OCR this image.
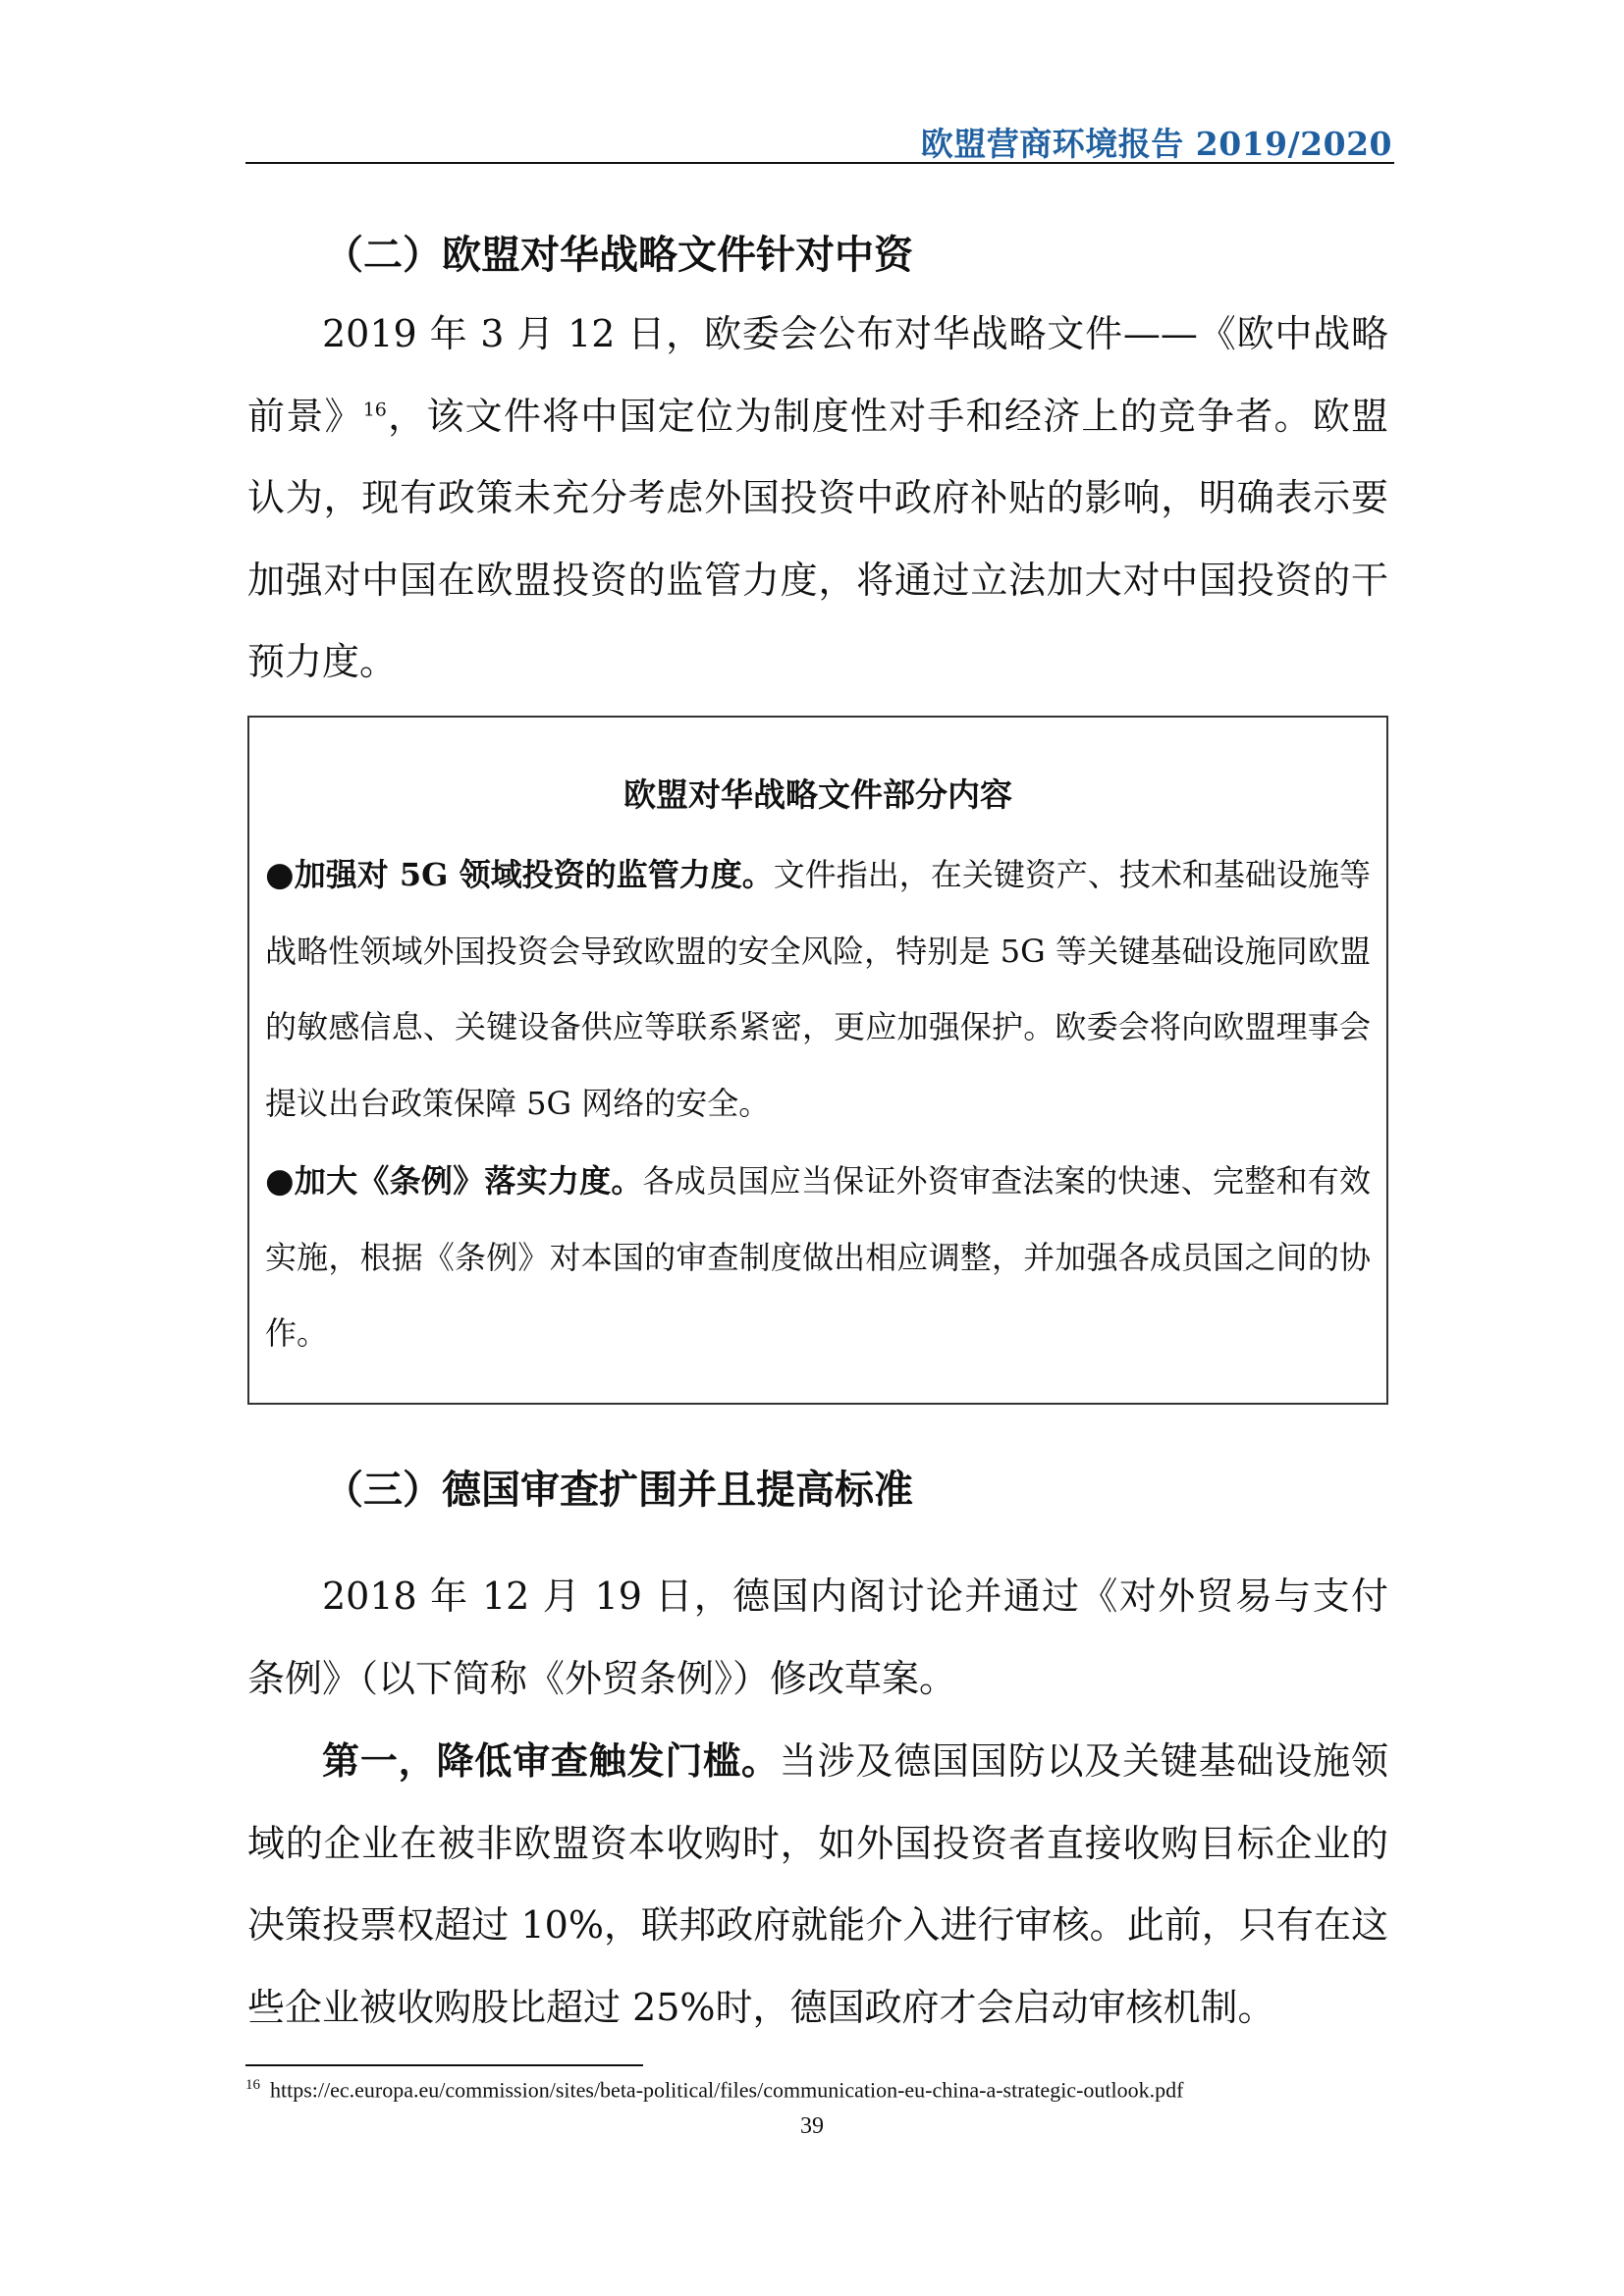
欧盟营商环境报告 2019/2020
（二）欧盟对华战略文件针对中资

2019 年 3 月 12 日，欧委会公布对华战略文件——《欧中战略前景》$^{16}$，该文件将中国定位为制度性对手和经济上的竞争者。欧盟认为，现有政策未充分考虑外国投资中政府补贴的影响，明确表示要加强对中国在欧盟投资的监管力度，将通过立法加大对中国投资的干预力度。

欧盟对华战略文件部分内容

●加强对 5G 领域投资的监管力度。文件指出，在关键资产、技术和基础设施等战略性领域外国投资会导致欧盟的安全风险，特别是 5G 等关键基础设施同欧盟的敏感信息、关键设备供应等联系紧密，更应加强保护。欧委会将向欧盟理事会提议出台政策保障 5G 网络的安全。

●加大《条例》落实力度。各成员国应当保证外资审查法案的快速、完整和有效实施，根据《条例》对本国的审查制度做出相应调整，并加强各成员国之间的协作。

（三）德国审查扩围并且提高标准

2018 年 12 月 19 日，德国内阁讨论并通过《对外贸易与支付条例》（以下简称《外贸条例》）修改草案。

第一，降低审查触发门槛。当涉及德国国防以及关键基础设施领域的企业在被非欧盟资本收购时，如外国投资者直接收购目标企业的决策投票权超过 10%，联邦政府就能介入进行审核。此前，只有在这些企业被收购股比超过 25%时，德国政府才会启动审核机制。

$^{16}$ https://ec.europa.eu/commission/sites/beta-political/files/communication-eu-china-a-strategic-outlook.pdf
39
